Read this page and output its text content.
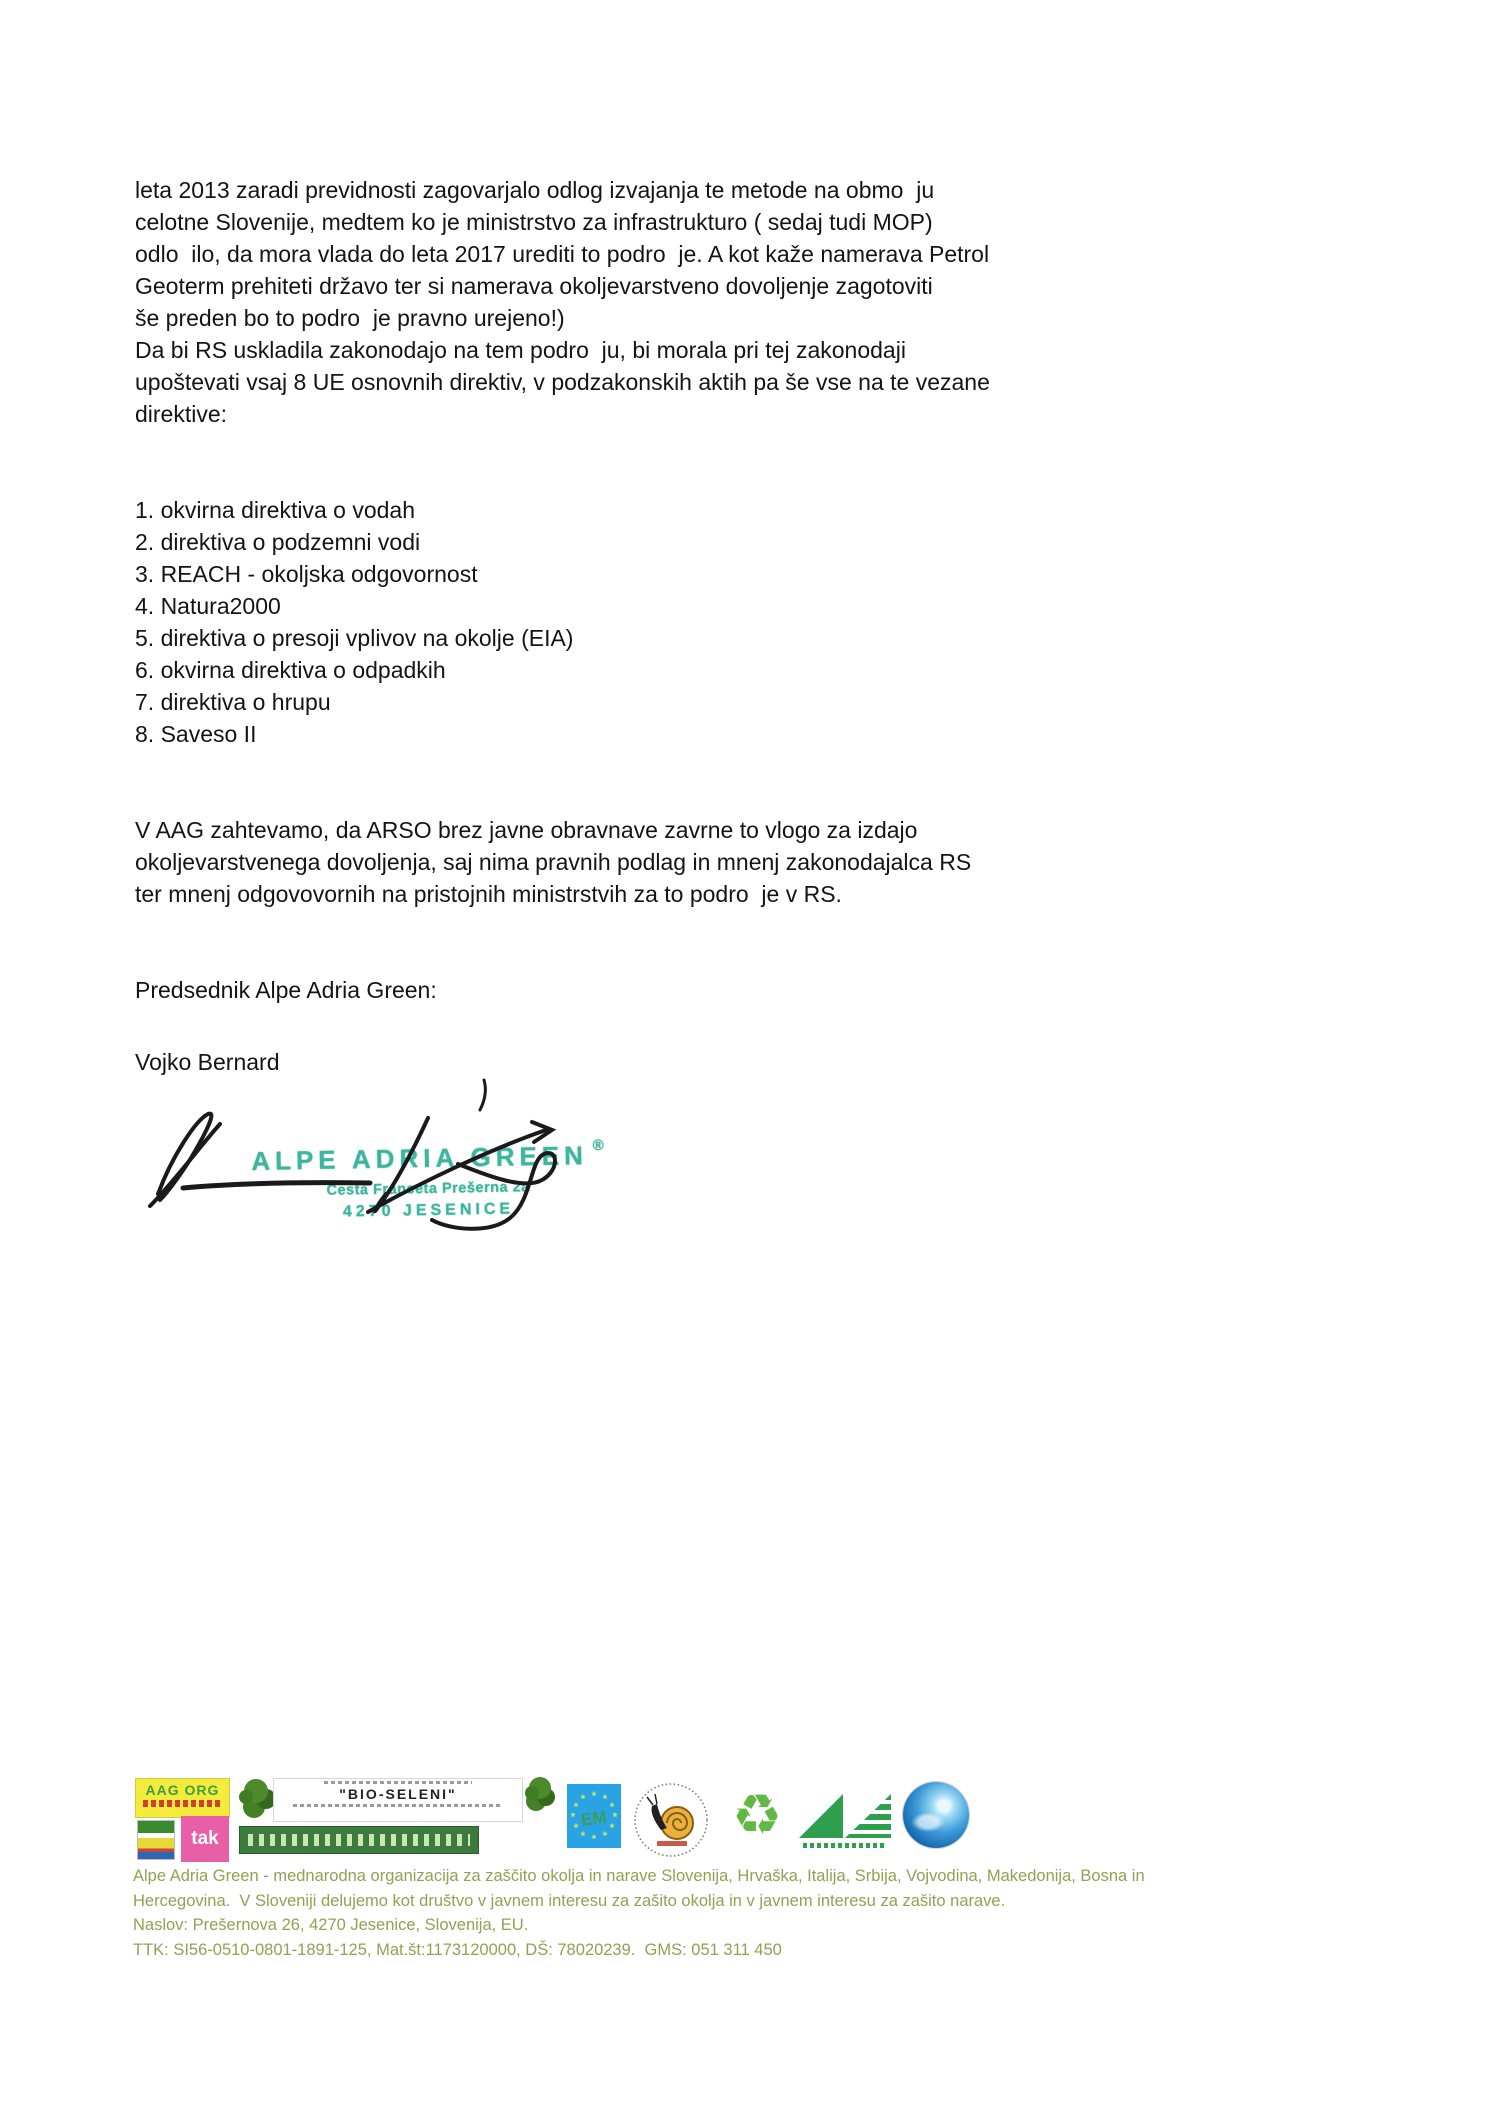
leta 2013 zaradi previdnosti zagovarjalo odlog izvajanja te metode na obmo  ju
celotne Slovenije, medtem ko je ministrstvo za infrastrukturo ( sedaj tudi MOP)
odlo  ilo, da mora vlada do leta 2017 urediti to podro  je. A kot kaže namerava Petrol
Geoterm prehiteti državo ter si namerava okoljevarstveno dovoljenje zagotoviti
še preden bo to podro  je pravno urejeno!)
Da bi RS uskladila zakonodajo na tem podro  ju, bi morala pri tej zakonodaji
upoštevati vsaj 8 UE osnovnih direktiv, v podzakonskih aktih pa še vse na te vezane
direktive:
1. okvirna direktiva o vodah
2. direktiva o podzemni vodi
3. REACH - okoljska odgovornost
4. Natura2000
5. direktiva o presoji vplivov na okolje (EIA)
6. okvirna direktiva o odpadkih
7. direktiva o hrupu
8. Saveso II
V AAG zahtevamo, da ARSO brez javne obravnave zavrne to vlogo za izdajo
okoljevarstvenega dovoljenja, saj nima pravnih podlag in mnenj zakonodajalca RS
ter mnenj odgovovornih na pristojnih ministrstvih za to podro  je v RS.
Predsednik Alpe Adria Green:
Vojko Bernard
ALPE ADRIA GREEN ®
Cesta Franceta Prešerna 2a
4270 JESENICE
AAG ORG
tak
"BIO-SELENI"
*
*
*
*
*
*
*
*
* * *
*
EM ♻
Alpe Adria Green - mednarodna organizacija za zaščito okolja in narave Slovenija, Hrvaška, Italija, Srbija, Vojvodina, Makedonija, Bosna in
Hercegovina.  V Sloveniji delujemo kot društvo v javnem interesu za zašito okolja in v javnem interesu za zašito narave.
Naslov: Prešernova 26, 4270 Jesenice, Slovenija, EU.
TTK: SI56-0510-0801-1891-125, Mat.št:1173120000, DŠ: 78020239.  GMS: 051 311 450
